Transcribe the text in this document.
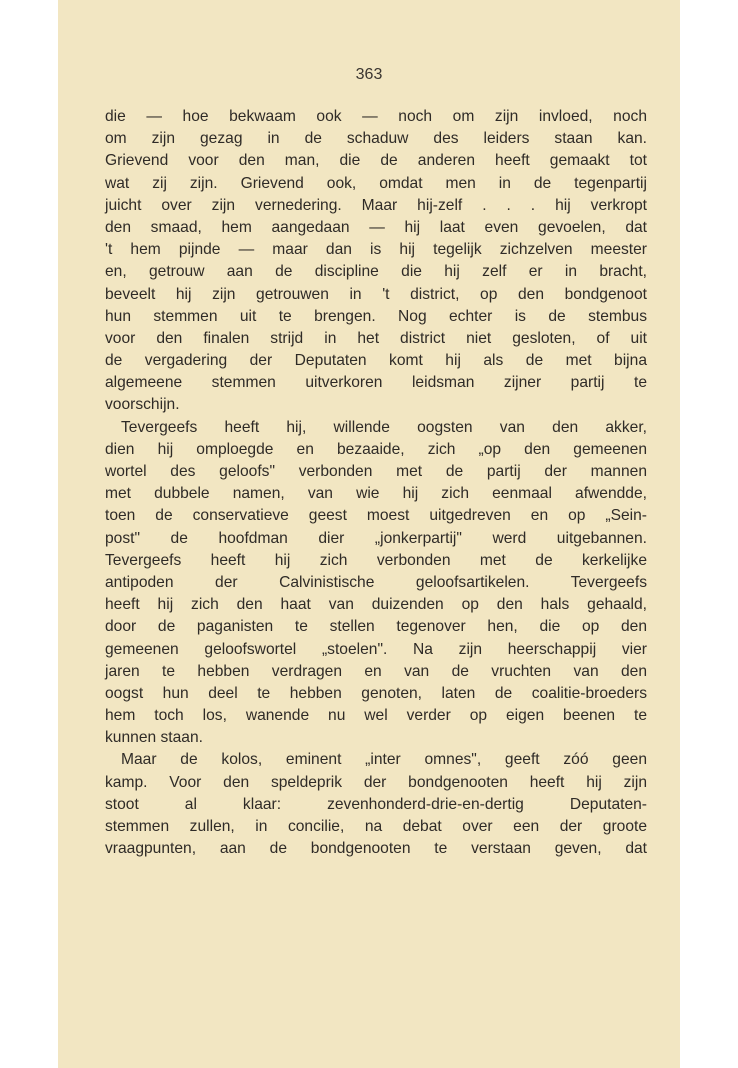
363
die — hoe bekwaam ook — noch om zijn invloed, noch
om zijn gezag in de schaduw des leiders staan kan.
Grievend voor den man, die de anderen heeft gemaakt tot
wat zij zijn. Grievend ook, omdat men in de tegenpartij
juicht over zijn vernedering. Maar hij-zelf . . . hij verkropt
den smaad, hem aangedaan — hij laat even gevoelen, dat
't hem pijnde — maar dan is hij tegelijk zichzelven meester
en, getrouw aan de discipline die hij zelf er in bracht,
beveelt hij zijn getrouwen in 't district, op den bondgenoot
hun stemmen uit te brengen. Nog echter is de stembus
voor den finalen strijd in het district niet gesloten, of uit
de vergadering der Deputaten komt hij als de met bijna
algemeene stemmen uitverkoren leidsman zijner partij te
voorschijn.
Tevergeefs heeft hij, willende oogsten van den akker,
dien hij omploegde en bezaaide, zich „op den gemeenen
wortel des geloofs" verbonden met de partij der mannen
met dubbele namen, van wie hij zich eenmaal afwendde,
toen de conservatieve geest moest uitgedreven en op „Sein-
post" de hoofdman dier „jonkerpartij" werd uitgebannen.
Tevergeefs heeft hij zich verbonden met de kerkelijke
antipoden der Calvinistische geloofsartikelen. Tevergeefs
heeft hij zich den haat van duizenden op den hals gehaald,
door de paganisten te stellen tegenover hen, die op den
gemeenen geloofswortel „stoelen". Na zijn heerschappij vier
jaren te hebben verdragen en van de vruchten van den
oogst hun deel te hebben genoten, laten de coalitie-broeders
hem toch los, wanende nu wel verder op eigen beenen te
kunnen staan.
Maar de kolos, eminent „inter omnes", geeft zóó geen
kamp. Voor den speldeprik der bondgenooten heeft hij zijn
stoot al klaar: zevenhonderd-drie-en-dertig Deputaten-
stemmen zullen, in concilie, na debat over een der groote
vraagpunten, aan de bondgenooten te verstaan geven, dat
